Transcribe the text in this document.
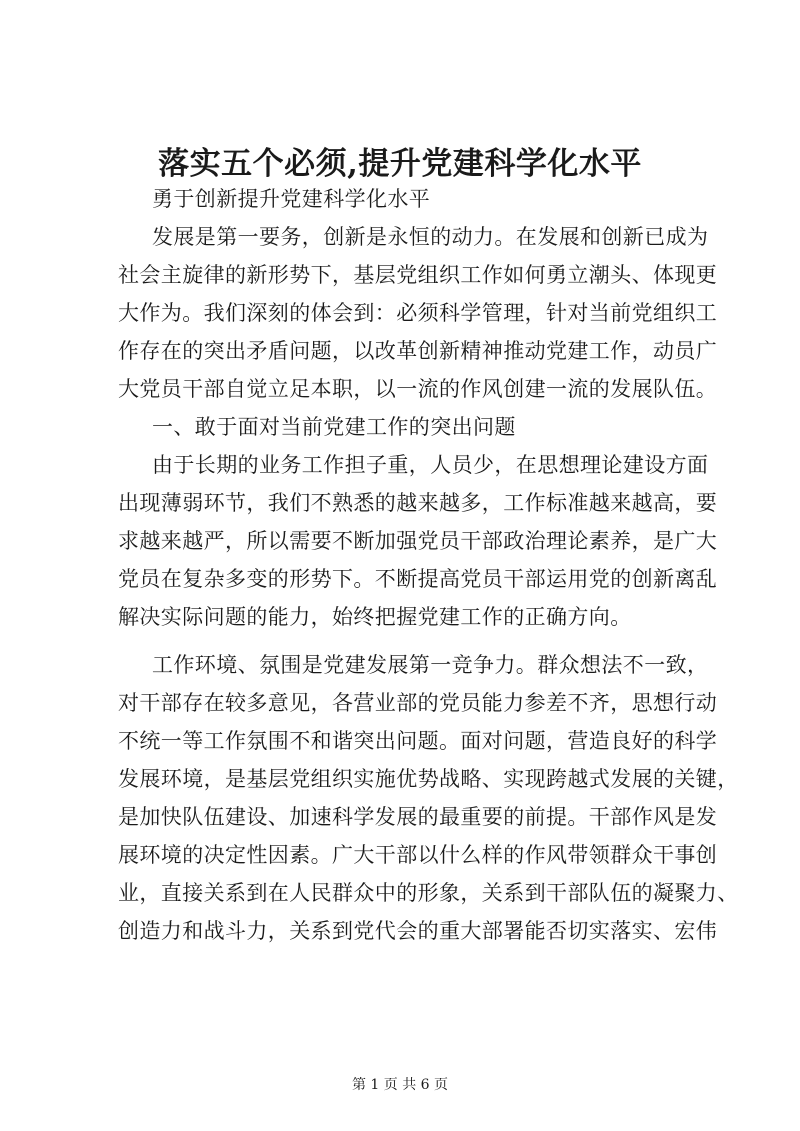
落实五个必须,提升党建科学化水平
勇于创新提升党建科学化水平
发展是第一要务，创新是永恒的动力。在发展和创新已成为
社会主旋律的新形势下，基层党组织工作如何勇立潮头、体现更
大作为。我们深刻的体会到：必须科学管理，针对当前党组织工
作存在的突出矛盾问题，以改革创新精神推动党建工作，动员广
大党员干部自觉立足本职，以一流的作风创建一流的发展队伍。
一、敢于面对当前党建工作的突出问题
由于长期的业务工作担子重，人员少，在思想理论建设方面
出现薄弱环节，我们不熟悉的越来越多，工作标准越来越高，要
求越来越严，所以需要不断加强党员干部政治理论素养，是广大
党员在复杂多变的形势下。不断提高党员干部运用党的创新离乱
解决实际问题的能力，始终把握党建工作的正确方向。
工作环境、氛围是党建发展第一竞争力。群众想法不一致，
对干部存在较多意见，各营业部的党员能力参差不齐，思想行动
不统一等工作氛围不和谐突出问题。面对问题，营造良好的科学
发展环境，是基层党组织实施优势战略、实现跨越式发展的关键，
是加快队伍建设、加速科学发展的最重要的前提。干部作风是发
展环境的决定性因素。广大干部以什么样的作风带领群众干事创
业，直接关系到在人民群众中的形象，关系到干部队伍的凝聚力、
创造力和战斗力，关系到党代会的重大部署能否切实落实、宏伟
第 1 页 共 6 页
